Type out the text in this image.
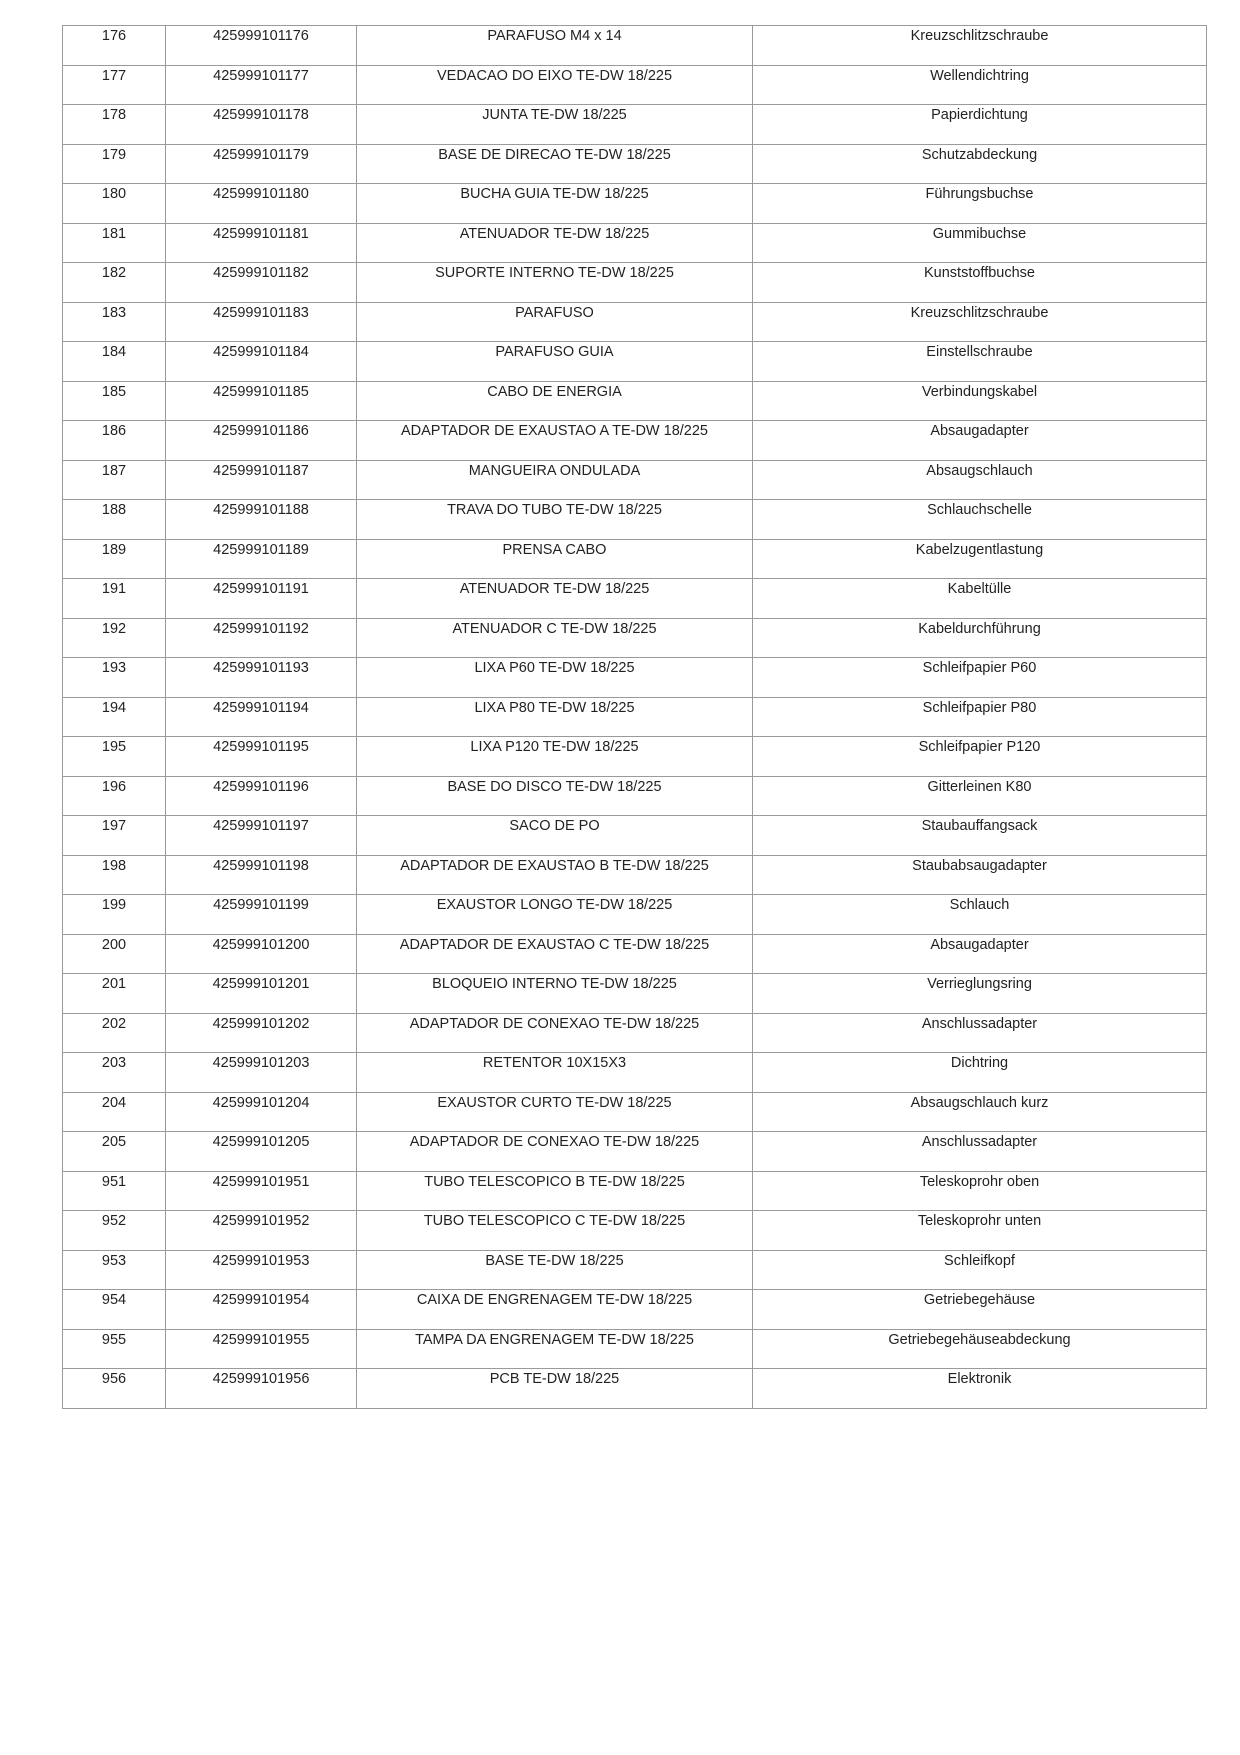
176	425999101176	PARAFUSO M4 x 14	Kreuzschlitzschraube

177	425999101177	VEDACAO DO EIXO TE-DW 18/225	Wellendichtring

178	425999101178	JUNTA TE-DW 18/225	Papierdichtung

179	425999101179	BASE DE DIRECAO TE-DW 18/225	Schutzabdeckung

180	425999101180	BUCHA GUIA TE-DW 18/225	Führungsbuchse

181	425999101181	ATENUADOR TE-DW 18/225	Gummibuchse

182	425999101182	SUPORTE INTERNO TE-DW 18/225	Kunststoffbuchse

183	425999101183	PARAFUSO	Kreuzschlitzschraube

184	425999101184	PARAFUSO GUIA	Einstellschraube

185	425999101185	CABO DE ENERGIA	Verbindungskabel

186	425999101186	ADAPTADOR DE EXAUSTAO A TE-DW 18/225	Absaugadapter

187	425999101187	MANGUEIRA ONDULADA	Absaugschlauch

188	425999101188	TRAVA DO TUBO TE-DW 18/225	Schlauchschelle

189	425999101189	PRENSA CABO	Kabelzugentlastung

191	425999101191	ATENUADOR TE-DW 18/225	Kabeltülle

192	425999101192	ATENUADOR C TE-DW 18/225	Kabeldurchführung

193	425999101193	LIXA P60 TE-DW 18/225	Schleifpapier P60

194	425999101194	LIXA P80 TE-DW 18/225	Schleifpapier P80

195	425999101195	LIXA P120 TE-DW 18/225	Schleifpapier P120

196	425999101196	BASE DO DISCO TE-DW 18/225	Gitterleinen K80

197	425999101197	SACO DE PO	Staubauffangsack

198	425999101198	ADAPTADOR DE EXAUSTAO B TE-DW 18/225	Staubabsaugadapter

199	425999101199	EXAUSTOR LONGO TE-DW 18/225	Schlauch

200	425999101200	ADAPTADOR DE EXAUSTAO C TE-DW 18/225	Absaugadapter

201	425999101201	BLOQUEIO INTERNO TE-DW 18/225	Verrieglungsring

202	425999101202	ADAPTADOR DE CONEXAO TE-DW 18/225	Anschlussadapter

203	425999101203	RETENTOR 10X15X3	Dichtring

204	425999101204	EXAUSTOR CURTO TE-DW 18/225	Absaugschlauch kurz

205	425999101205	ADAPTADOR DE CONEXAO TE-DW 18/225	Anschlussadapter

951	425999101951	TUBO TELESCOPICO B TE-DW 18/225	Teleskoprohr oben

952	425999101952	TUBO TELESCOPICO C TE-DW 18/225	Teleskoprohr unten

953	425999101953	BASE TE-DW 18/225	Schleifkopf

954	425999101954	CAIXA DE ENGRENAGEM TE-DW 18/225	Getriebegehäuse

955	425999101955	TAMPA DA ENGRENAGEM TE-DW 18/225	Getriebegehäuseabdeckung

956	425999101956	PCB TE-DW 18/225	Elektronik
